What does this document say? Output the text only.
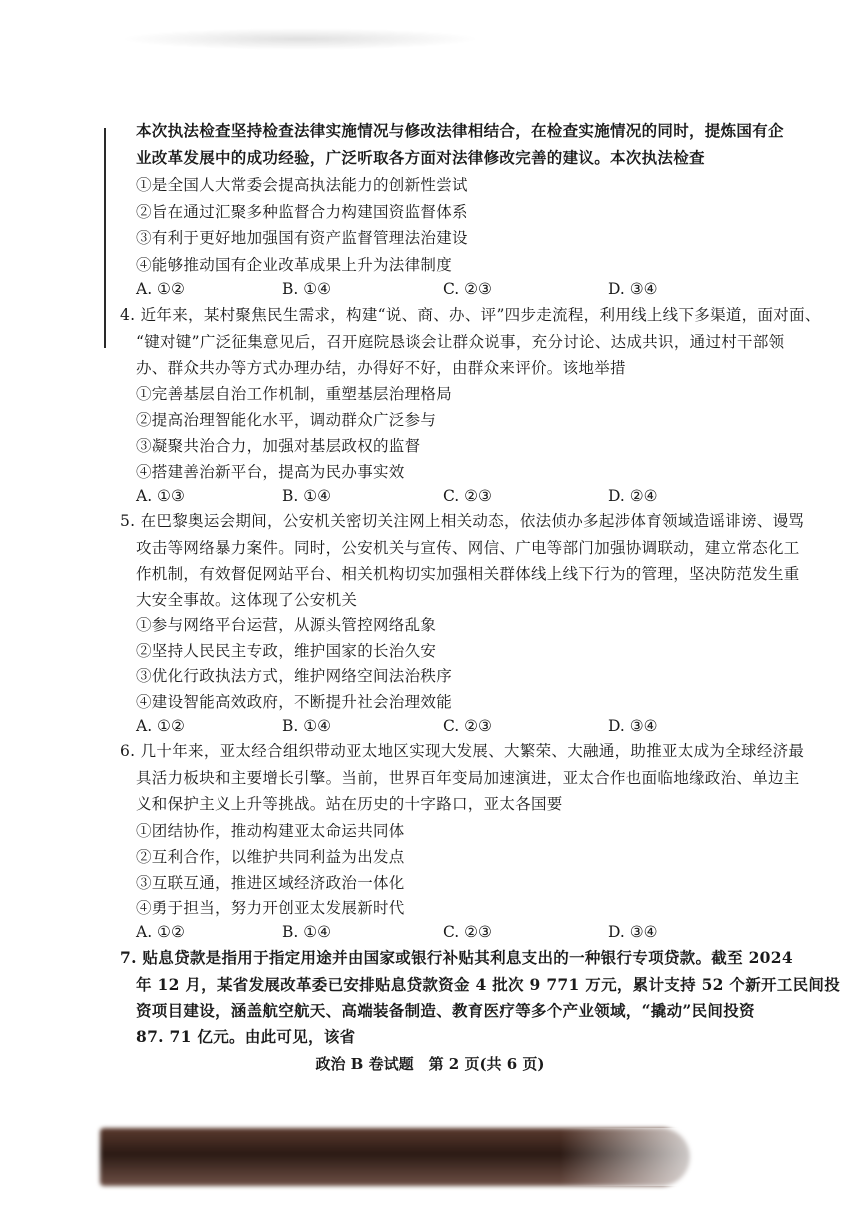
本次执法检查坚持检查法律实施情况与修改法律相结合，在检查实施情况的同时，提炼国有企
业改革发展中的成功经验，广泛听取各方面对法律修改完善的建议。本次执法检查
①是全国人大常委会提高执法能力的创新性尝试
②旨在通过汇聚多种监督合力构建国资监督体系
③有利于更好地加强国有资产监督管理法治建设
④能够推动国有企业改革成果上升为法律制度
A. ①②	B. ①④	C. ②③	D. ③④
4. 近年来，某村聚焦民生需求，构建“说、商、办、评”四步走流程，利用线上线下多渠道，面对面、
“键对键”广泛征集意见后，召开庭院恳谈会让群众说事，充分讨论、达成共识，通过村干部领
办、群众共办等方式办理办结，办得好不好，由群众来评价。该地举措
①完善基层自治工作机制，重塑基层治理格局
②提高治理智能化水平，调动群众广泛参与
③凝聚共治合力，加强对基层政权的监督
④搭建善治新平台，提高为民办事实效
A. ①③	B. ①④	C. ②③	D. ②④
5. 在巴黎奥运会期间，公安机关密切关注网上相关动态，依法侦办多起涉体育领域造谣诽谤、谩骂
攻击等网络暴力案件。同时，公安机关与宣传、网信、广电等部门加强协调联动，建立常态化工
作机制，有效督促网站平台、相关机构切实加强相关群体线上线下行为的管理，坚决防范发生重
大安全事故。这体现了公安机关
①参与网络平台运营，从源头管控网络乱象
②坚持人民民主专政，维护国家的长治久安
③优化行政执法方式，维护网络空间法治秩序
④建设智能高效政府，不断提升社会治理效能
A. ①②	B. ①④	C. ②③	D. ③④
6. 几十年来，亚太经合组织带动亚太地区实现大发展、大繁荣、大融通，助推亚太成为全球经济最
具活力板块和主要增长引擎。当前，世界百年变局加速演进，亚太合作也面临地缘政治、单边主
义和保护主义上升等挑战。站在历史的十字路口，亚太各国要
①团结协作，推动构建亚太命运共同体
②互利合作，以维护共同利益为出发点
③互联互通，推进区域经济政治一体化
④勇于担当，努力开创亚太发展新时代
A. ①②	B. ①④	C. ②③	D. ③④
7. 贴息贷款是指用于指定用途并由国家或银行补贴其利息支出的一种银行专项贷款。截至 2024
年 12 月，某省发展改革委已安排贴息贷款资金 4 批次 9 771 万元，累计支持 52 个新开工民间投
资项目建设，涵盖航空航天、高端装备制造、教育医疗等多个产业领域，“撬动”民间投资
87. 71 亿元。由此可见，该省
政治 B 卷试题　第 2 页(共 6 页)
